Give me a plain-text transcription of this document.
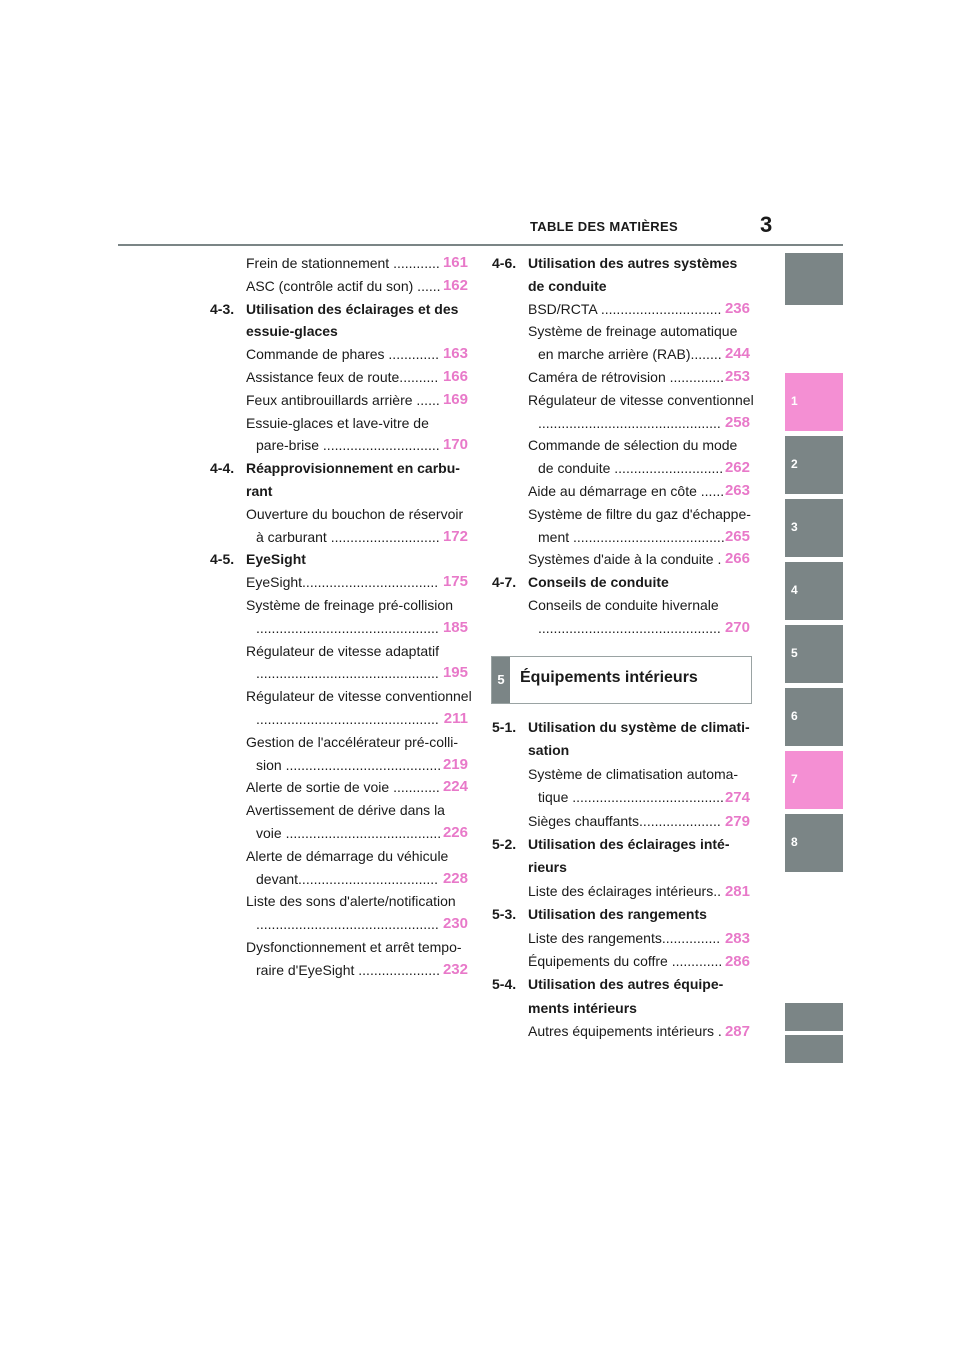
TABLE DES MATIÈRES	3
1
2
3
4
5
6
7
8
Frein de stationnement ............ 161
ASC (contrôle actif du son) ...... 162
4-3. Utilisation des éclairages et des
essuie-glaces
Commande de phares ............. 163
Assistance feux de route.......... 166
Feux antibrouillards arrière ...... 169
Essuie-glaces et lave-vitre de
pare-brise .............................. 170
4-4. Réapprovisionnement en carbu-
rant
Ouverture du bouchon de réservoir
à carburant ............................ 172
4-5. EyeSight
EyeSight................................... 175
Système de freinage pré-collision
............................................... 185
Régulateur de vitesse adaptatif
............................................... 195
Régulateur de vitesse conventionnel
............................................... 211
Gestion de l'accélérateur pré-colli-
sion ........................................ 219
Alerte de sortie de voie ............ 224
Avertissement de dérive dans la
voie ........................................ 226
Alerte de démarrage du véhicule
devant.................................... 228
Liste des sons d'alerte/notification
............................................... 230
Dysfonctionnement et arrêt tempo-
raire d'EyeSight ..................... 232
4-6. Utilisation des autres systèmes
de conduite
BSD/RCTA ............................... 236
Système de freinage automatique
en marche arrière (RAB)........ 244
Caméra de rétrovision .............. 253
Régulateur de vitesse conventionnel
............................................... 258
Commande de sélection du mode
de conduite ............................ 262
Aide au démarrage en côte ...... 263
Système de filtre du gaz d'échappe-
ment ....................................... 265
Systèmes d'aide à la conduite . 266
4-7. Conseils de conduite
Conseils de conduite hivernale
............................................... 270
5 Équipements intérieurs
5-1. Utilisation du système de climati-
sation
Système de climatisation automa-
tique ....................................... 274
Sièges chauffants..................... 279
5-2. Utilisation des éclairages inté-
rieurs
Liste des éclairages intérieurs.. 281
5-3. Utilisation des rangements
Liste des rangements............... 283
Équipements du coffre ............. 286
5-4. Utilisation des autres équipe-
ments intérieurs
Autres équipements intérieurs . 287
